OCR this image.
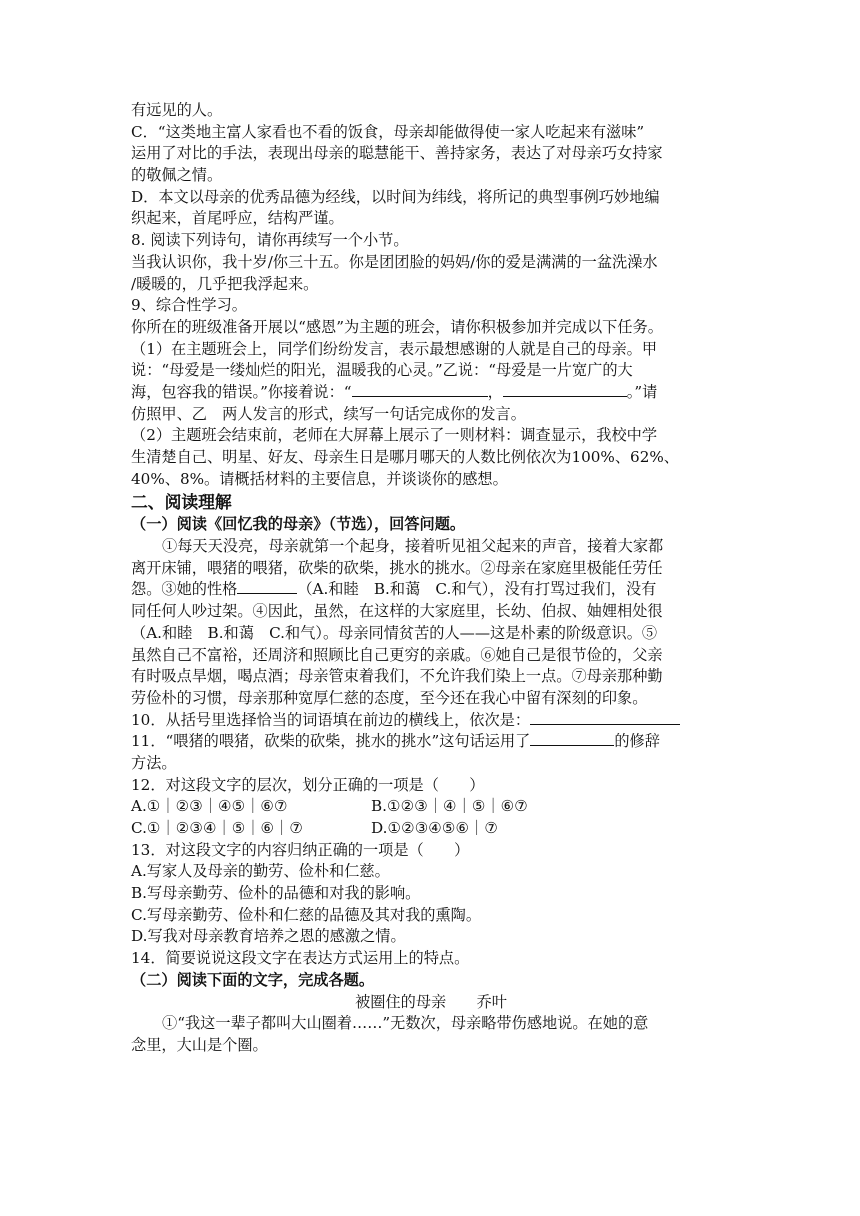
有远见的人。
C．“这类地主富人家看也不看的饭食，母亲却能做得使一家人吃起来有滋味”
运用了对比的手法，表现出母亲的聪慧能干、善持家务，表达了对母亲巧女持家
的敬佩之情。
D．本文以母亲的优秀品德为经线，以时间为纬线，将所记的典型事例巧妙地编
织起来，首尾呼应，结构严谨。
8. 阅读下列诗句，请你再续写一个小节。
当我认识你，我十岁/你三十五。你是团团脸的妈妈/你的爱是满满的一盆洗澡水
/暖暖的，几乎把我浮起来。
9、综合性学习。
你所在的班级准备开展以“感恩”为主题的班会，请你积极参加并完成以下任务。
（1）在主题班会上，同学们纷纷发言，表示最想感谢的人就是自己的母亲。甲
说：“母爱是一缕灿烂的阳光，温暖我的心灵。”乙说：“母爱是一片宽广的大
海，包容我的错误。”你接着说：“	，	。”请
仿照甲、乙　两人发言的形式，续写一句话完成你的发言。
（2）主题班会结束前，老师在大屏幕上展示了一则材料：调查显示，我校中学
生清楚自己、明星、好友、母亲生日是哪月哪天的人数比例依次为100%、62%、
40%、8%。请概括材料的主要信息，并谈谈你的感想。
二、阅读理解
（一）阅读《回忆我的母亲》（节选），回答问题。
①每天天没亮，母亲就第一个起身，接着听见祖父起来的声音，接着大家都
离开床铺，喂猪的喂猪，砍柴的砍柴，挑水的挑水。②母亲在家庭里极能任劳任
怨。③她的性格	（A.和睦　B.和蔼　C.和气），没有打骂过我们，没有
同任何人吵过架。④因此，虽然，在这样的大家庭里，长幼、伯叔、妯娌相处很
（A.和睦　B.和蔼　C.和气）。母亲同情贫苦的人——这是朴素的阶级意识。⑤
虽然自己不富裕，还周济和照顾比自己更穷的亲戚。⑥她自己是很节俭的，父亲
有时吸点旱烟，喝点酒；母亲管束着我们，不允许我们染上一点。⑦母亲那种勤
劳俭朴的习惯，母亲那种宽厚仁慈的态度，至今还在我心中留有深刻的印象。
10．从括号里选择恰当的词语填在前边的横线上，依次是：
11．“喂猪的喂猪，砍柴的砍柴，挑水的挑水”这句话运用了	的修辞
方法。
12．对这段文字的层次，划分正确的一项是（　　）
A.①｜②③｜④⑤｜⑥⑦	B.①②③｜④｜⑤｜⑥⑦
C.①｜②③④｜⑤｜⑥｜⑦	D.①②③④⑤⑥｜⑦
13．对这段文字的内容归纳正确的一项是（　　）
A.写家人及母亲的勤劳、俭朴和仁慈。
B.写母亲勤劳、俭朴的品德和对我的影响。
C.写母亲勤劳、俭朴和仁慈的品德及其对我的熏陶。
D.写我对母亲教育培养之恩的感激之情。
14．简要说说这段文字在表达方式运用上的特点。
（二）阅读下面的文字，完成各题。
被圈住的母亲　　乔叶
①“我这一辈子都叫大山圈着……”无数次，母亲略带伤感地说。在她的意
念里，大山是个圈。
